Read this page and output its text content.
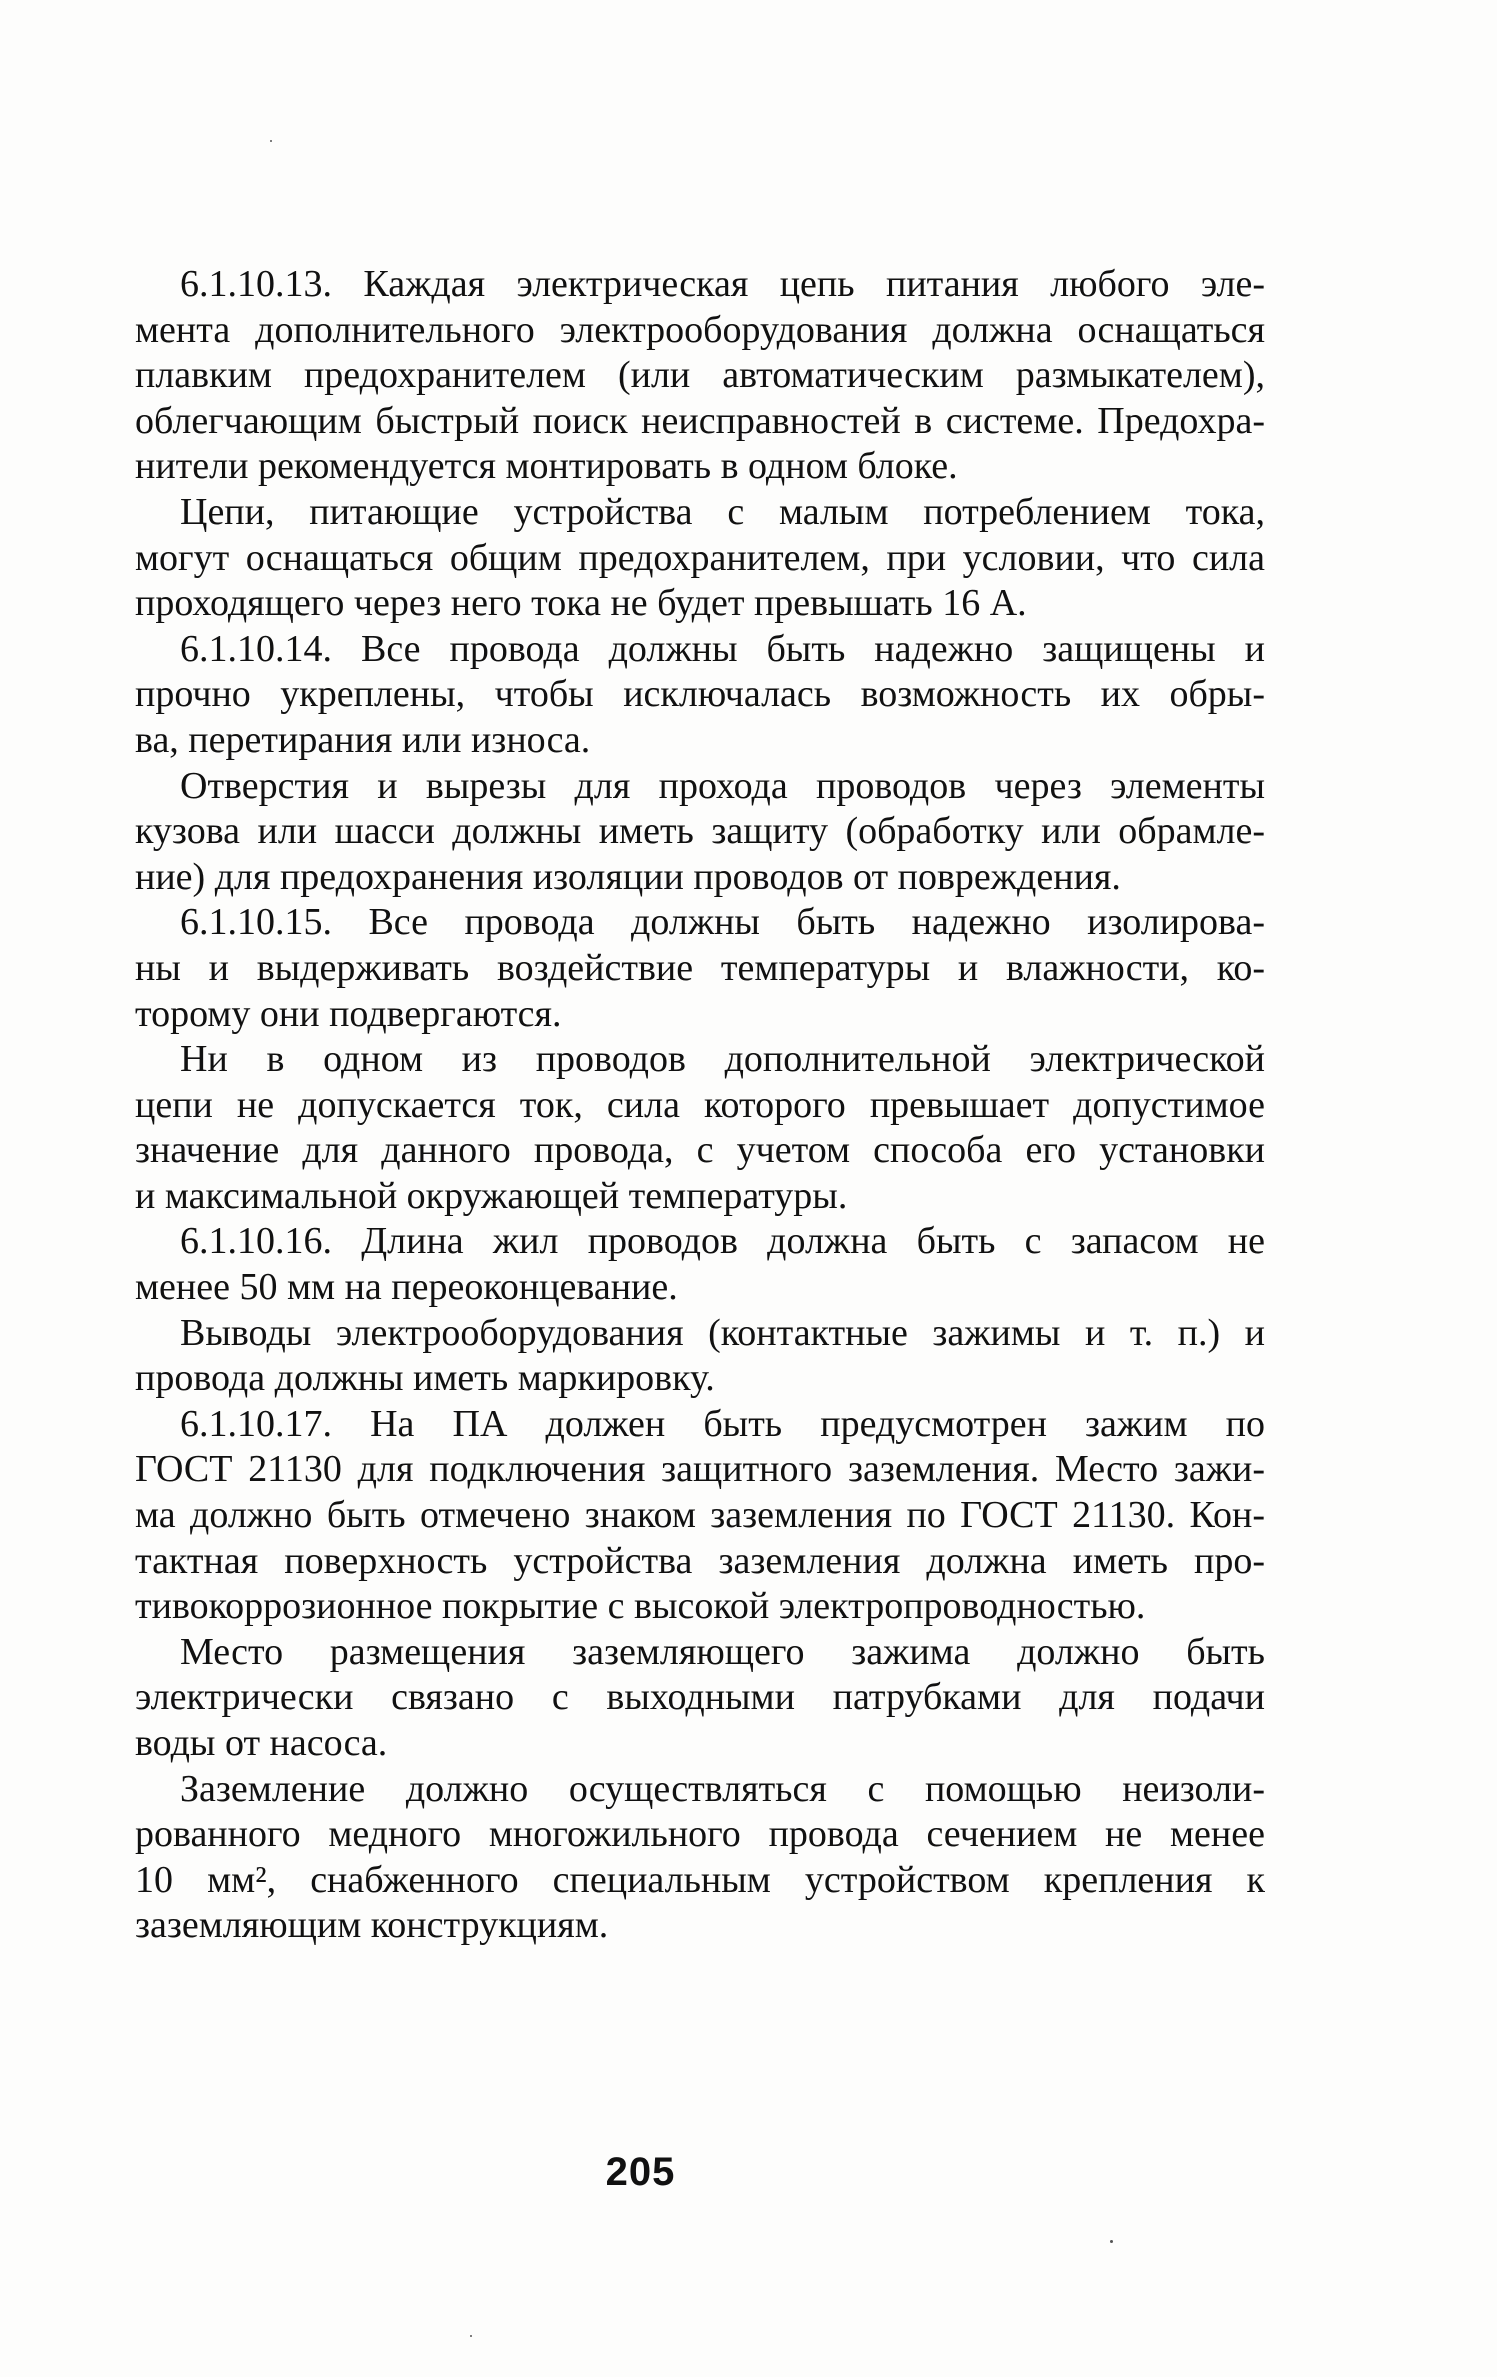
6.1.10.13. Каждая электрическая цепь питания любого эле-
мента дополнительного электрооборудования должна оснащаться
плавким предохранителем (или автоматическим размыкателем),
облегчающим быстрый поиск неисправностей в системе. Предохра-
нители рекомендуется монтировать в одном блоке.

Цепи, питающие устройства с малым потреблением тока,
могут оснащаться общим предохранителем, при условии, что сила
проходящего через него тока не будет превышать 16 А.

6.1.10.14. Все провода должны быть надежно защищены и
прочно укреплены, чтобы исключалась возможность их обры-
ва, перетирания или износа.

Отверстия и вырезы для прохода проводов через элементы
кузова или шасси должны иметь защиту (обработку или обрамле-
ние) для предохранения изоляции проводов от повреждения.

6.1.10.15. Все провода должны быть надежно изолирова-
ны и выдерживать воздействие температуры и влажности, ко-
торому они подвергаются.

Ни в одном из проводов дополнительной электрической
цепи не допускается ток, сила которого превышает допустимое
значение для данного провода, с учетом способа его установки
и максимальной окружающей температуры.

6.1.10.16. Длина жил проводов должна быть с запасом не
менее 50 мм на переоконцевание.

Выводы электрооборудования (контактные зажимы и т. п.) и
провода должны иметь маркировку.

6.1.10.17. На ПА должен быть предусмотрен зажим по
ГОСТ 21130 для подключения защитного заземления. Место зажи-
ма должно быть отмечено знаком заземления по ГОСТ 21130. Кон-
тактная поверхность устройства заземления должна иметь про-
тивокоррозионное покрытие с высокой электропроводностью.

Место размещения заземляющего зажима должно быть
электрически связано с выходными патрубками для подачи
воды от насоса.

Заземление должно осуществляться с помощью неизоли-
рованного медного многожильного провода сечением не менее
10 мм², снабженного специальным устройством крепления к
заземляющим конструкциям.

205
